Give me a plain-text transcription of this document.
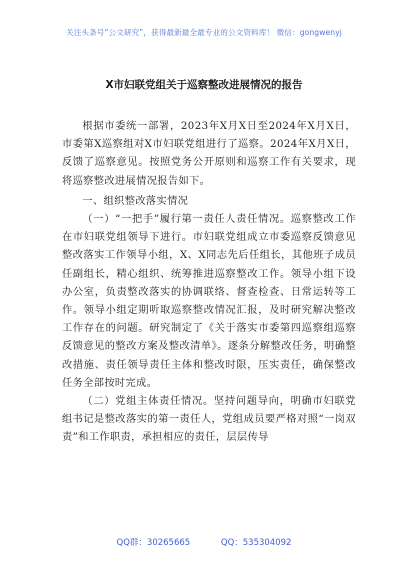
关注头条号“公文研究”，获得最新最全最专业的公文资料库！ 微信：gongwenyj
X市妇联党组关于巡察整改进展情况的报告

根据市委统一部署，2023年X月X日至2024年X月X日，市委第X巡察组对X市妇联党组进行了巡察。2024年X月X日，反馈了巡察意见。按照党务公开原则和巡察工作有关要求，现将巡察整改进展情况报告如下。

一、组织整改落实情况

（一）“一把手”履行第一责任人责任情况。巡察整改工作在市妇联党组领导下进行。市妇联党组成立市委巡察反馈意见整改落实工作领导小组，X、X同志先后任组长，其他班子成员任副组长，精心组织、统筹推进巡察整改工作。领导小组下设办公室，负责整改落实的协调联络、督查检查、日常运转等工作。领导小组定期听取巡察整改情况汇报，及时研究解决整改工作存在的问题。研究制定了《关于落实市委第四巡察组巡察反馈意见的整改方案及整改清单》。逐条分解整改任务，明确整改措施、责任领导责任主体和整改时限，压实责任，确保整改任务全部按时完成。

（二）党组主体责任情况。坚持问题导向，明确市妇联党组书记是整改落实的第一责任人，党组成员要严格对照“一岗双责”和工作职责，承担相应的责任，层层传导

QQ群：30265665	QQ：535304092
